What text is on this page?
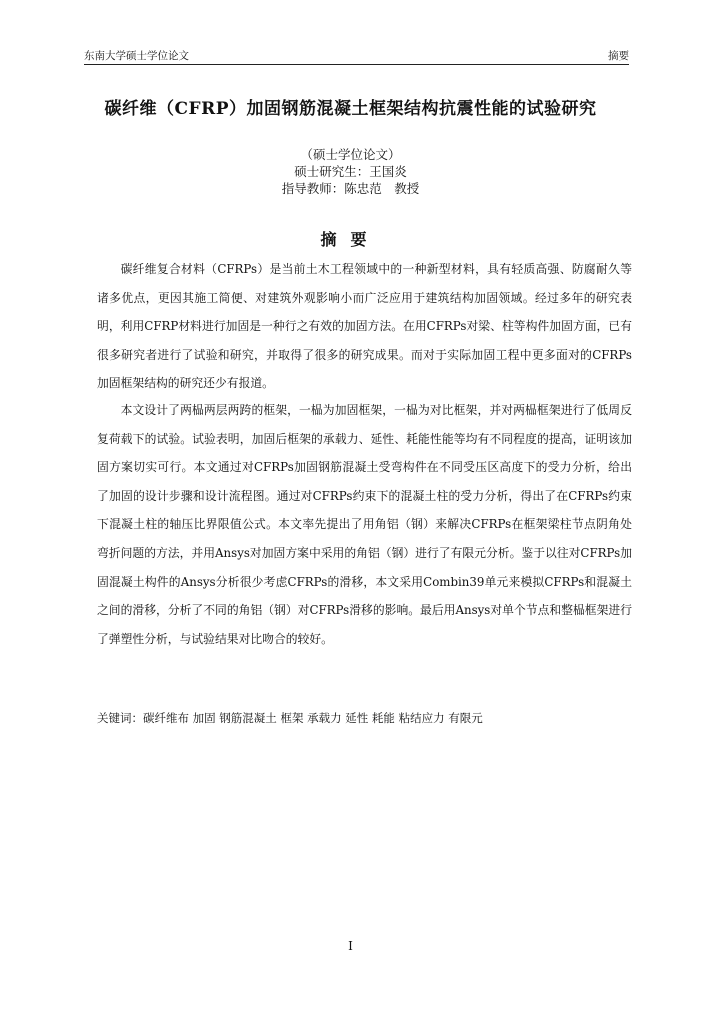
东南大学硕士学位论文	摘要
碳纤维（CFRP）加固钢筋混凝土框架结构抗震性能的试验研究
（硕士学位论文）
硕士研究生：王国炎
指导教师：陈忠范　教授
摘要

碳纤维复合材料（CFRPs）是当前土木工程领域中的一种新型材料，具有轻质高强、防腐耐久等诸多优点，更因其施工简便、对建筑外观影响小而广泛应用于建筑结构加固领域。经过多年的研究表明，利用CFRP材料进行加固是一种行之有效的加固方法。在用CFRPs对梁、柱等构件加固方面，已有很多研究者进行了试验和研究，并取得了很多的研究成果。而对于实际加固工程中更多面对的CFRPs加固框架结构的研究还少有报道。

本文设计了两榀两层两跨的框架，一榀为加固框架，一榀为对比框架，并对两榀框架进行了低周反复荷载下的试验。试验表明，加固后框架的承载力、延性、耗能性能等均有不同程度的提高，证明该加固方案切实可行。本文通过对CFRPs加固钢筋混凝土受弯构件在不同受压区高度下的受力分析，给出了加固的设计步骤和设计流程图。通过对CFRPs约束下的混凝土柱的受力分析，得出了在CFRPs约束下混凝土柱的轴压比界限值公式。本文率先提出了用角铝（钢）来解决CFRPs在框架梁柱节点阴角处弯折问题的方法，并用Ansys对加固方案中采用的角铝（钢）进行了有限元分析。鉴于以往对CFRPs加固混凝土构件的Ansys分析很少考虑CFRPs的滑移，本文采用Combin39单元来模拟CFRPs和混凝土之间的滑移，分析了不同的角铝（钢）对CFRPs滑移的影响。最后用Ansys对单个节点和整榀框架进行了弹塑性分析，与试验结果对比吻合的较好。

关键词：碳纤维布 加固 钢筋混凝土 框架 承载力 延性 耗能 粘结应力 有限元
I
